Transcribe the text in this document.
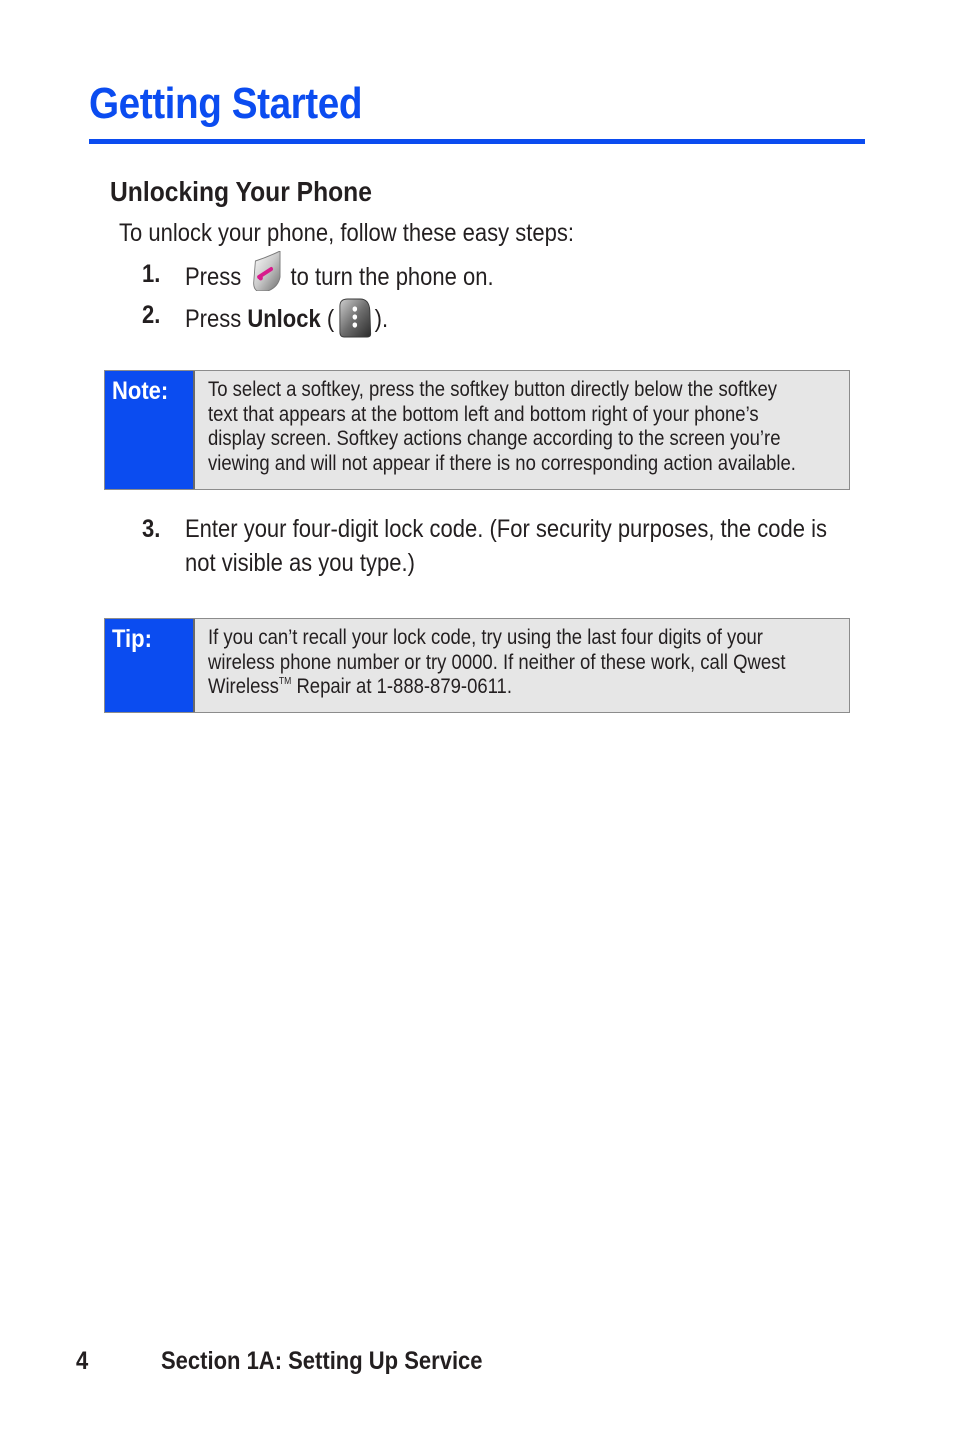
Getting Started
Unlocking Your Phone
To unlock your phone, follow these easy steps:
1. Press to turn the phone on.
2. Press
Unlock
( ).
Note: To select a softkey, press the softkey button directly below the softkey
text that appears at the bottom left and bottom right of your phone’s
display screen. Softkey actions change according to the screen you’re
viewing and will not appear if there is no corresponding action available.
3. Enter your four-digit lock code. (For security purposes, the code is not visible as you type.)
Tip:	If you can’t recall your lock code, try using the last four digits of your
wireless phone number or try 0000. If neither of these work, call Qwest
Wireless™ Repair at 1-888-879-0611.
4	Section 1A: Setting Up Service
